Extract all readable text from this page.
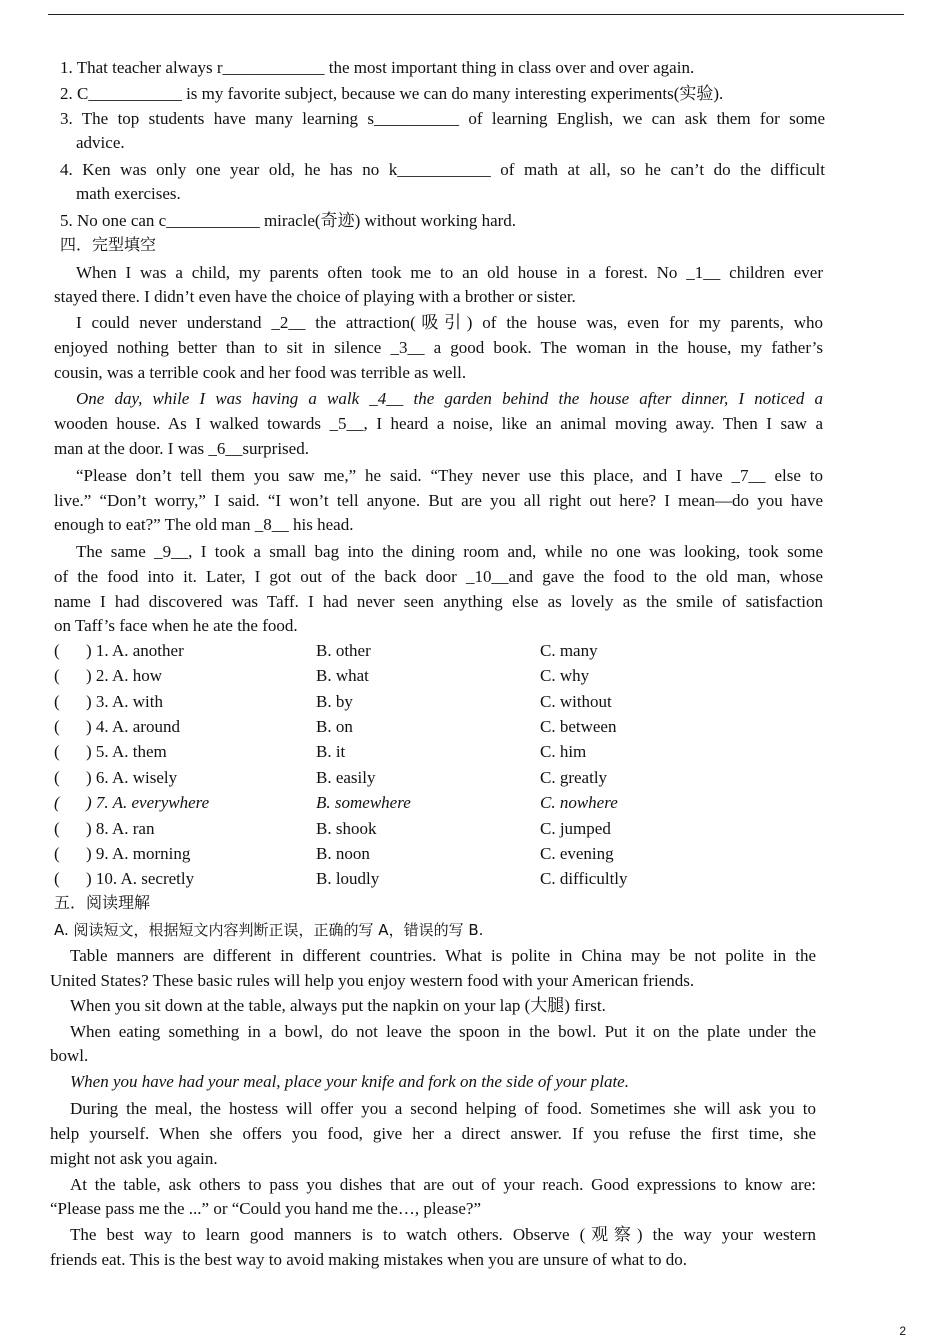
1. That teacher always r____________ the most important thing in class over and over again.
2. C___________ is my favorite subject, because we can do many interesting experiments(实验).
3. The top students have many learning s__________ of learning English, we can ask them for some
advice.
4. Ken was only one year old, he has no k___________ of math at all, so he can’t do the difficult
math exercises.
5. No one can c___________ miracle(奇迹) without working hard.
四．完型填空
When I was a child, my parents often took me to an old house in a forest. No _1__ children ever
stayed there. I didn’t even have the choice of playing with a brother or sister.
I could never understand _2__ the attraction(吸引) of the house was, even for my parents, who
enjoyed nothing better than to sit in silence _3__ a good book. The woman in the house, my father’s
cousin, was a terrible cook and her food was terrible as well.
One day, while I was having a walk _4__ the garden behind the house after dinner, I noticed a
wooden house. As I walked towards _5__, I heard a noise, like an animal moving away. Then I saw a
man at the door. I was _6__surprised.
“Please don’t tell them you saw me,” he said. “They never use this place, and I have _7__ else to
live.” “Don’t worry,” I said. “I won’t tell anyone. But are you all right out here? I mean—do you have
enough to eat?” The old man _8__ his head.
The same _9__, I took a small bag into the dining room and, while no one was looking, took some
of the food into it. Later, I got out of the back door _10__and gave the food to the old man, whose
name I had discovered was Taff. I had never seen anything else as lovely as the smile of satisfaction
on Taff’s face when he ate the food.
( ) 1. A. another	B. other	C. many
( ) 2. A. how	B. what	C. why
( ) 3. A. with	B. by	C. without
( ) 4. A. around	B. on	C. between
( ) 5. A. them	B. it	C. him
( ) 6. A. wisely	B. easily	C. greatly
( ) 7. A. everywhere	B. somewhere	C. nowhere
( ) 8. A. ran	B. shook	C. jumped
( ) 9. A. morning	B. noon	C. evening
( ) 10. A. secretly	B. loudly	C. difficultly
五．阅读理解
A. 阅读短文，根据短文内容判断正误，正确的写 A，错误的写 B.
Table manners are different in different countries. What is polite in China may be not polite in the
United States? These basic rules will help you enjoy western food with your American friends.
When you sit down at the table, always put the napkin on your lap (大腿) first.
When eating something in a bowl, do not leave the spoon in the bowl. Put it on the plate under the
bowl.
When you have had your meal, place your knife and fork on the side of your plate.
During the meal, the hostess will offer you a second helping of food. Sometimes she will ask you to
help yourself. When she offers you food, give her a direct answer. If you refuse the first time, she
might not ask you again.
At the table, ask others to pass you dishes that are out of your reach. Good expressions to know are:
“Please pass me the ...” or “Could you hand me the…, please?”
The best way to learn good manners is to watch others. Observe (观察) the way your western
friends eat. This is the best way to avoid making mistakes when you are unsure of what to do.
2
